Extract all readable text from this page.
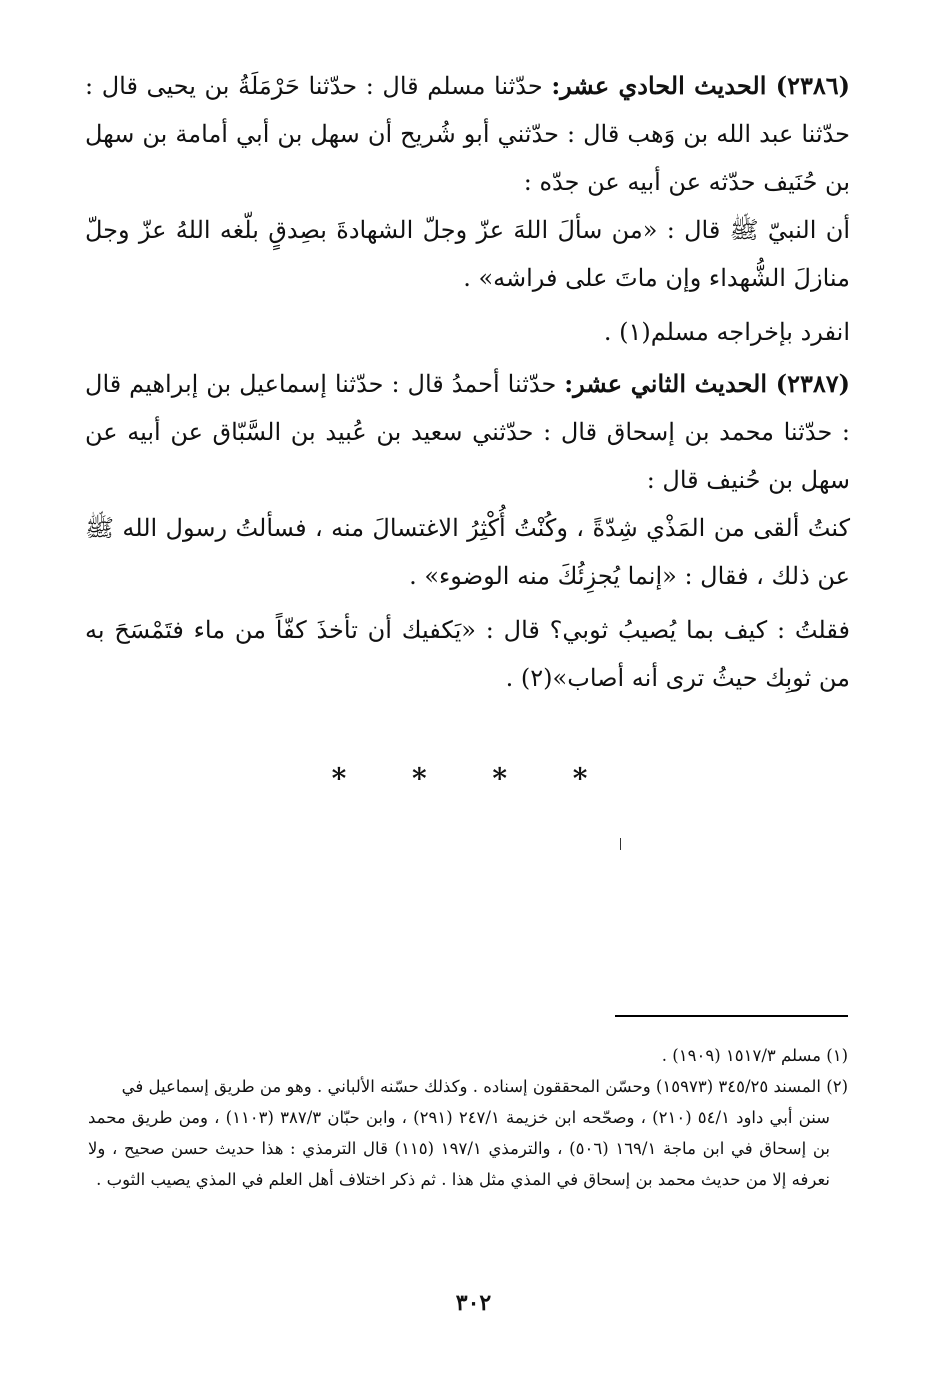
(٢٣٨٦) الحديث الحادي عشر: حدّثنا مسلم قال : حدّثنا حَرْمَلَةُ بن يحيى قال : حدّثنا عبد الله بن وَهب قال : حدّثني أبو شُريح أن سهل بن أبي أمامة بن سهل بن حُنَيف حدّثه عن أبيه عن جدّه :

أن النبيّ ﷺ قال : «من سألَ اللهَ عزّ وجلّ الشهادةَ بصِدقٍ بلّغه اللهُ عزّ وجلّ منازلَ الشُّهداء وإن ماتَ على فراشه» .

انفرد بإخراجه مسلم(١) .

(٢٣٨٧) الحديث الثاني عشر: حدّثنا أحمدُ قال : حدّثنا إسماعيل بن إبراهيم قال : حدّثنا محمد بن إسحاق قال : حدّثني سعيد بن عُبيد بن السَّبّاق عن أبيه عن سهل بن حُنيف قال :

كنتُ ألقى من المَذْي شِدّةً ، وكُنْتُ أُكْثِرُ الاغتسالَ منه ، فسألتُ رسول الله ﷺ عن ذلك ، فقال : «إنما يُجزِئُكَ منه الوضوء» .

فقلتُ : كيف بما يُصيبُ ثوبي؟ قال : «يَكفيك أن تأخذَ كفّاً من ماء فتَمْسَحَ به من ثوبِك حيثُ ترى أنه أصاب»(٢) .

* * * *

(١) مسلم ١٥١٧/٣ (١٩٠٩) .

(٢) المسند ٣٤٥/٢٥ (١٥٩٧٣) وحسّن المحققون إسناده . وكذلك حسّنه الألباني . وهو من طريق إسماعيل في

سنن أبي داود ٥٤/١ (٢١٠) ، وصحّحه ابن خزيمة ٢٤٧/١ (٢٩١) ، وابن حبّان ٣٨٧/٣ (١١٠٣) ، ومن طريق محمد بن إسحاق في ابن ماجة ١٦٩/١ (٥٠٦) ، والترمذي ١٩٧/١ (١١٥) قال الترمذي : هذا حديث حسن صحيح ، ولا نعرفه إلا من حديث محمد بن إسحاق في المذي مثل هذا . ثم ذكر اختلاف أهل العلم في المذي يصيب الثوب .

٣٠٢
